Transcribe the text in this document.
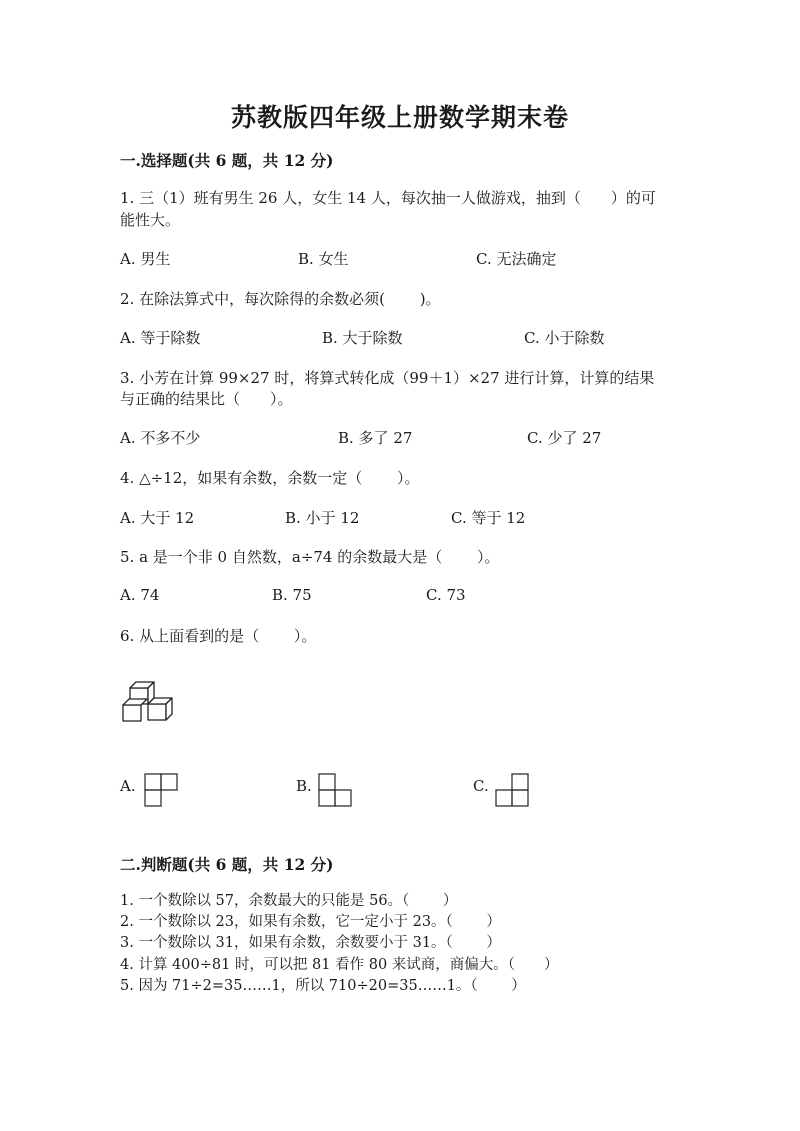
苏教版四年级上册数学期末卷
一.选择题(共 6 题，共 12 分)
1. 三（1）班有男生 26 人，女生 14 人，每次抽一人做游戏，抽到（　　）的可
能性大。
A. 男生	B. 女生	C. 无法确定
2. 在除法算式中，每次除得的余数必须(　　 )。
A. 等于除数	B. 大于除数	C. 小于除数
3. 小芳在计算 99×27 时，将算式转化成（99＋1）×27 进行计算，计算的结果
与正确的结果比（　　）。
A. 不多不少	B. 多了 27	C. 少了 27
4. △÷12，如果有余数，余数一定（　　 ）。
A. 大于 12	B. 小于 12	C. 等于 12
5. a 是一个非 0 自然数，a÷74 的余数最大是（　　 ）。
A. 74	B. 75	C. 73
6. 从上面看到的是（　　 ）。
A.	B.	C.
二.判断题(共 6 题，共 12 分)
1. 一个数除以 57，余数最大的只能是 56。（　　 ）
2. 一个数除以 23，如果有余数，它一定小于 23。（　　 ）
3. 一个数除以 31，如果有余数，余数要小于 31。（　　 ）
4. 计算 400÷81 时，可以把 81 看作 80 来试商，商偏大。（　　）
5. 因为 71÷2=35……1，所以 710÷20=35……1。（　　 ）
